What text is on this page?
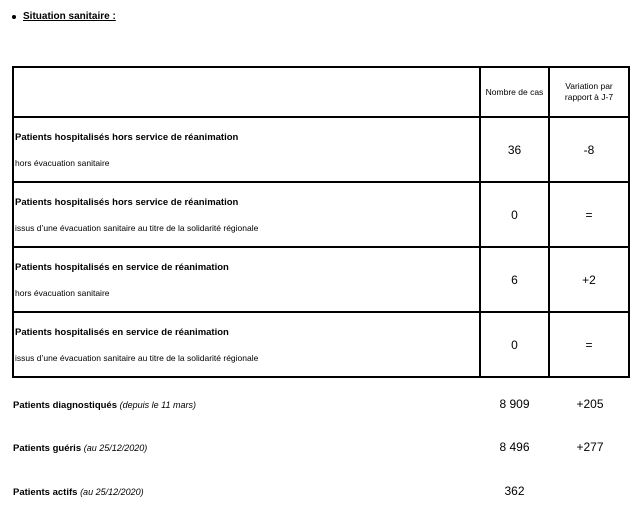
Situation sanitaire :

	Nombre de cas	Variation par rapport à J-7

Patients hospitalisés hors service de réanimation
hors évacuation sanitaire	36	-8

Patients hospitalisés hors service de réanimation
issus d’une évacuation sanitaire au titre de la solidarité régionale	0	=

Patients hospitalisés en service de réanimation
hors évacuation sanitaire	6	+2

Patients hospitalisés en service de réanimation
issus d’une évacuation sanitaire au titre de la solidarité régionale	0	=
Patients diagnostiqués (depuis le 11 mars)	8 909	+205
Patients guéris (au 25/12/2020)	8 496	+277
Patients actifs (au 25/12/2020)	362
